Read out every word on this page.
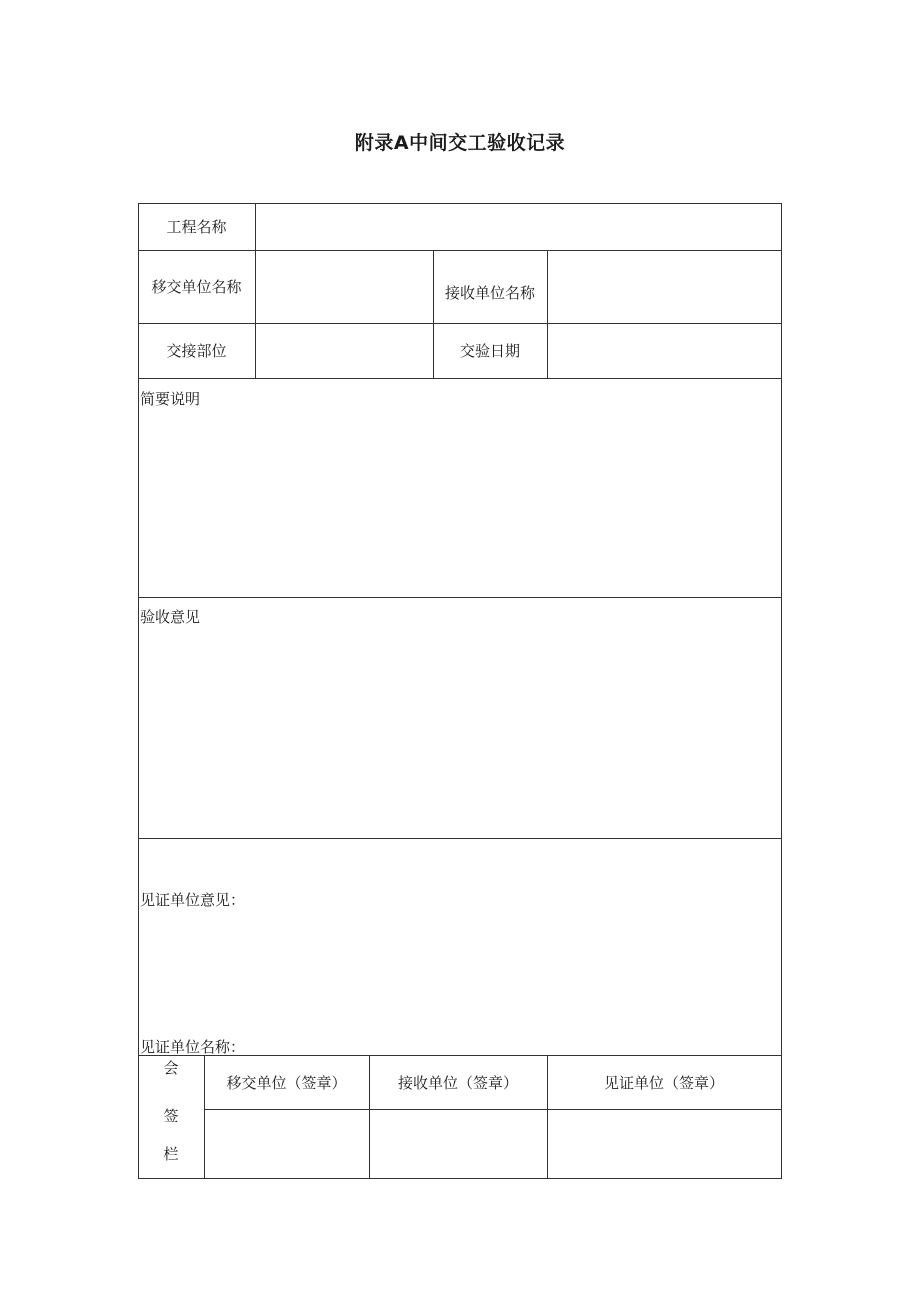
附录A中间交工验收记录
工程名称
移交单位名称	接收单位名称
交接部位	交验日期
简要说明
验收意见
见证单位意见：
见证单位名称：
会
签
栏
移交单位（签章）	接收单位（签章）	见证单位（签章）
